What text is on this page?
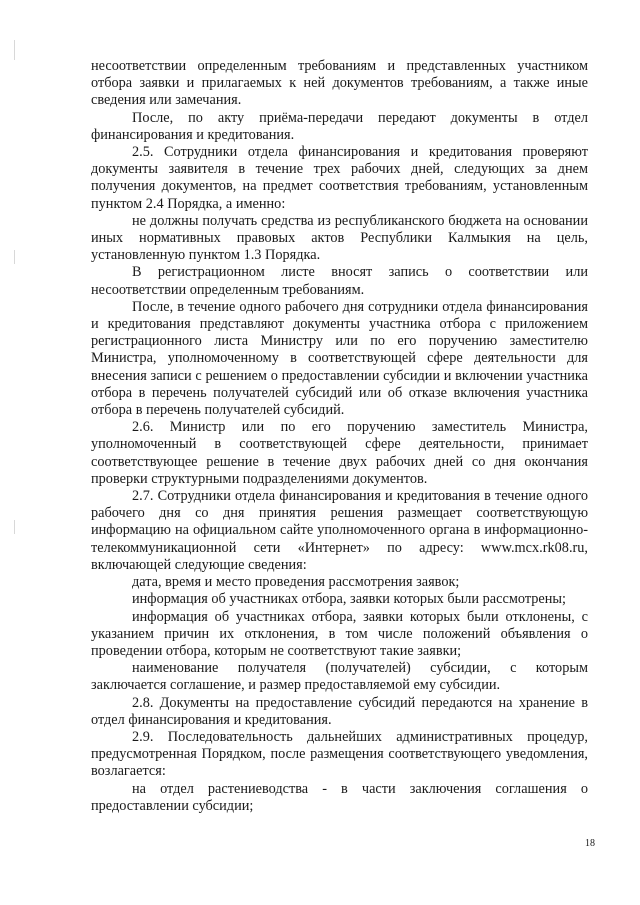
несоответствии определенным требованиям и представленных участником отбора заявки и прилагаемых к ней документов требованиям, а также иные сведения или замечания.

После, по акту приёма-передачи передают документы в отдел финансирования и кредитования.

2.5. Сотрудники отдела финансирования и кредитования проверяют документы заявителя в течение трех рабочих дней, следующих за днем получения документов, на предмет соответствия требованиям, установленным пунктом 2.4 Порядка, а именно:

не должны получать средства из республиканского бюджета на основании иных нормативных правовых актов Республики Калмыкия на цель, установленную пунктом 1.3 Порядка.

В регистрационном листе вносят запись о соответствии или несоответствии определенным требованиям.

После, в течение одного рабочего дня сотрудники отдела финансирования и кредитования представляют документы участника отбора с приложением регистрационного листа Министру или по его поручению заместителю Министра, уполномоченному в соответствующей сфере деятельности для внесения записи с решением о предоставлении субсидии и включении участника отбора в перечень получателей субсидий или об отказе включения участника отбора в перечень получателей субсидий.

2.6. Министр или по его поручению заместитель Министра, уполномоченный в соответствующей сфере деятельности, принимает соответствующее решение в течение двух рабочих дней со дня окончания проверки структурными подразделениями документов.

2.7. Сотрудники отдела финансирования и кредитования в течение одного рабочего дня со дня принятия решения размещает соответствующую информацию на официальном сайте уполномоченного органа в информационно-телекоммуникационной сети «Интернет» по адресу: www.mcx.rk08.ru, включающей следующие сведения:

дата, время и место проведения рассмотрения заявок;

информация об участниках отбора, заявки которых были рассмотрены;

информация об участниках отбора, заявки которых были отклонены, с указанием причин их отклонения, в том числе положений объявления о проведении отбора, которым не соответствуют такие заявки;

наименование получателя (получателей) субсидии, с которым заключается соглашение, и размер предоставляемой ему субсидии.

2.8. Документы на предоставление субсидий передаются на хранение в отдел финансирования и кредитования.

2.9. Последовательность дальнейших административных процедур, предусмотренная Порядком, после размещения соответствующего уведомления, возлагается:

на отдел растениеводства - в части заключения соглашения о предоставлении субсидии;

18
